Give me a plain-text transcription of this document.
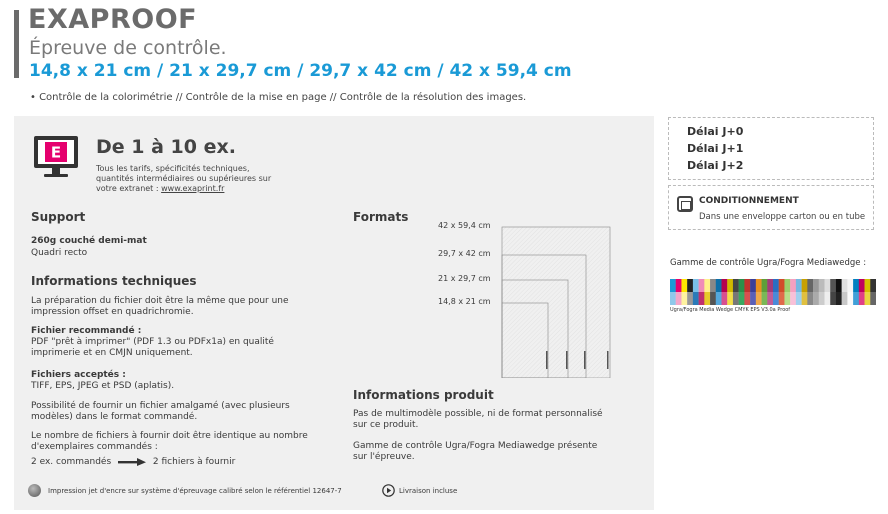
EXAPROOF
Épreuve de contrôle.
14,8 x 21 cm / 21 x 29,7 cm / 29,7 x 42 cm / 42 x 59,4 cm
• Contrôle de la colorimétrie // Contrôle de la mise en page // Contrôle de la résolution des images.
E De 1 à 10 ex.
Tous les tarifs, spécificités techniques,
quantités intermédiaires ou supérieures sur
votre extranet : www.exaprint.fr
Support
260g couché demi-mat
Quadri recto
Informations techniques
La préparation du fichier doit être la même que pour une
impression offset en quadrichromie.
Fichier recommandé :
PDF "prêt à imprimer" (PDF 1.3 ou PDFx1a) en qualité
imprimerie et en CMJN uniquement.
Fichiers acceptés :
TIFF, EPS, JPEG et PSD (aplatis).
Possibilité de fournir un fichier amalgamé (avec plusieurs
modèles) dans le format commandé.
Le nombre de fichiers à fournir doit être identique au nombre
d'exemplaires commandés :
2 ex. commandés	2 fichiers à fournir
Formats
42 x 59,4 cm
29,7 x 42 cm
21 x 29,7 cm
14,8 x 21 cm
Informations produit
Pas de multimodèle possible, ni de format personnalisé
sur ce produit.
Gamme de contrôle Ugra/Fogra Mediawedge présente
sur l'épreuve.
Impression jet d'encre sur système d'épreuvage calibré selon le référentiel 12647-7	Livraison incluse
Délai J+0
Délai J+1
Délai J+2
CONDITIONNEMENT
Dans une enveloppe carton ou en tube
Gamme de contrôle Ugra/Fogra Mediawedge :
Ugra/Fogra Media Wedge CMYK EPS V3.0a Proof
